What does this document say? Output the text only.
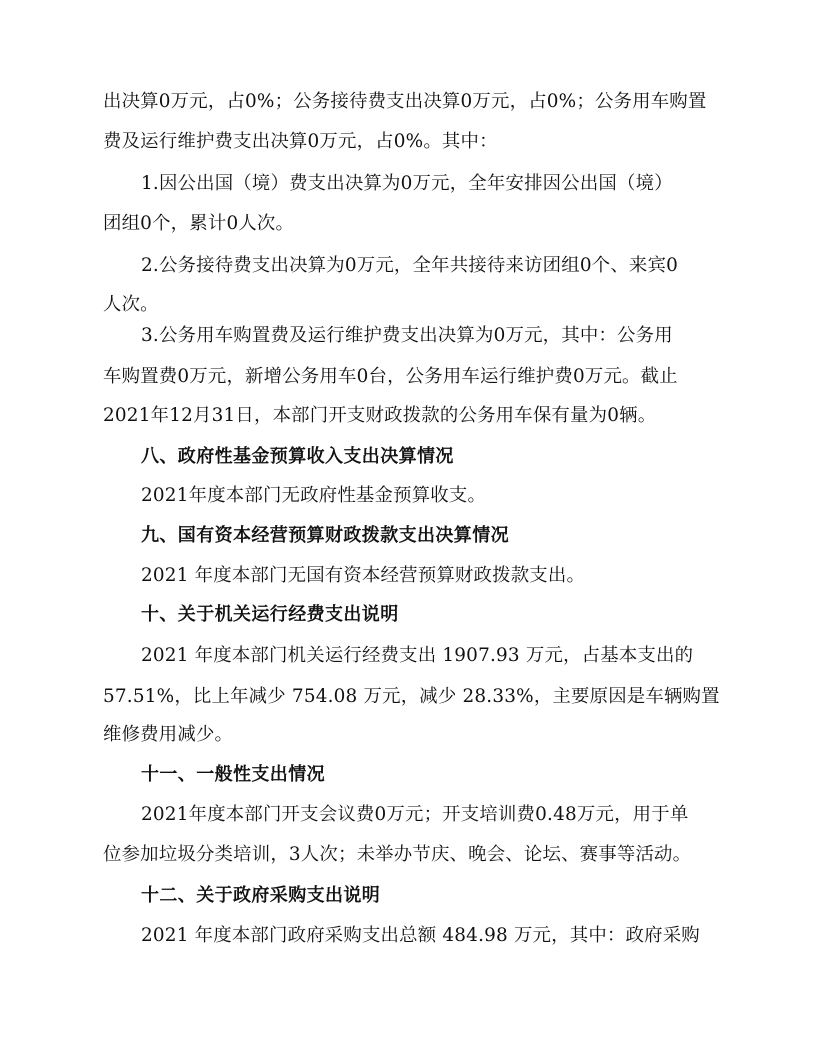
出决算0万元，占0%；公务接待费支出决算0万元，占0%；公务用车购置
费及运行维护费支出决算0万元，占0%。其中：
1.因公出国（境）费支出决算为0万元，全年安排因公出国（境）
团组0个，累计0人次。
2.公务接待费支出决算为0万元，全年共接待来访团组0个、来宾0
人次。
3.公务用车购置费及运行维护费支出决算为0万元，其中：公务用
车购置费0万元，新增公务用车0台，公务用车运行维护费0万元。截止
2021年12月31日，本部门开支财政拨款的公务用车保有量为0辆。
八、政府性基金预算收入支出决算情况
2021年度本部门无政府性基金预算收支。
九、国有资本经营预算财政拨款支出决算情况
2021 年度本部门无国有资本经营预算财政拨款支出。
十、关于机关运行经费支出说明
2021 年度本部门机关运行经费支出 1907.93 万元，占基本支出的
57.51%，比上年减少 754.08 万元，减少 28.33%，主要原因是车辆购置
维修费用减少。
十一、一般性支出情况
2021年度本部门开支会议费0万元；开支培训费0.48万元，用于单
位参加垃圾分类培训，3人次；未举办节庆、晚会、论坛、赛事等活动。
十二、关于政府采购支出说明
2021 年度本部门政府采购支出总额 484.98 万元，其中：政府采购
